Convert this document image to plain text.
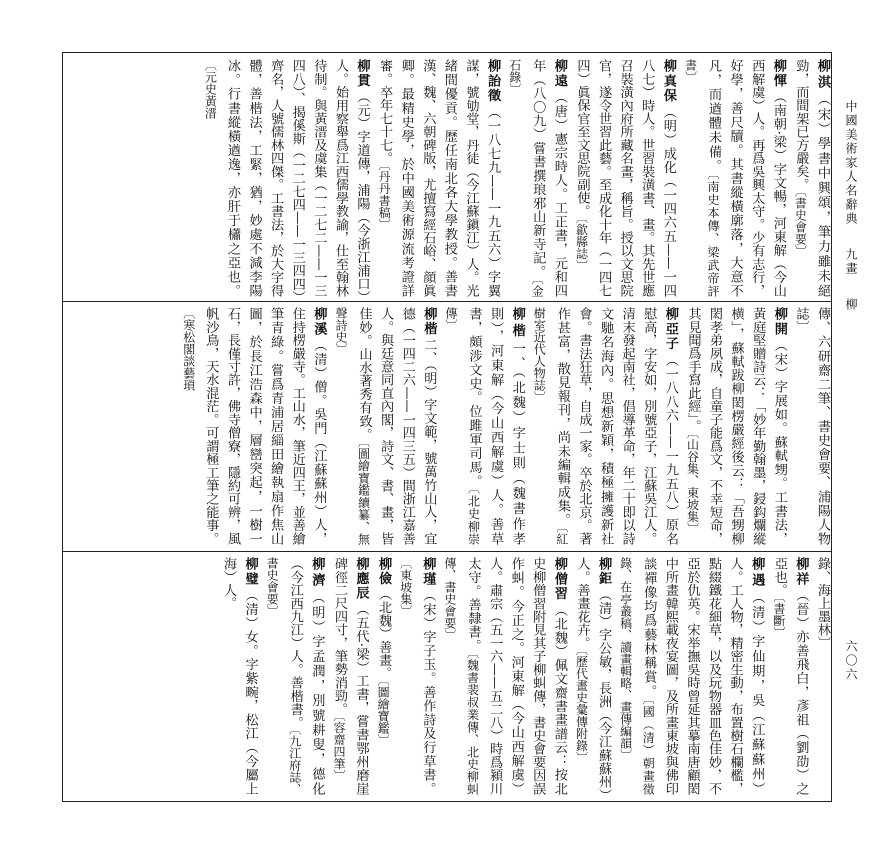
中國美術家人名辭典九畫柳
六〇六
柳淇（宋）學書中興頌，筆力雖未絕勁，而間架已方嚴矣。〔書史會要〕
柳惲（南朝·梁）字文暢，河東解（今山西解虞）人。再爲吳興太守。少有志行，好學，善尺牘。其書縱橫廓落，大意不凡，而遒體未備。〔南史本傳、梁武帝評書〕
柳真保（明）成化（一四六五——一四八七）時人。世習裝潢書、畫。其先世應召裝潢內府所藏名畫，稱旨。授以文思院官，遂令世習此藝。至成化十年（一四七四）眞保官至文思院副使。〔歙縣誌〕
柳遠（唐）憲宗時人。工正書，元和四年（八〇九）嘗書撰琅邪山新寺記。〔金石錄〕
柳詒徵（一八七九——一九五六）字翼謀，號劬堂，丹徒（今江蘇鎭江）人。光緒間優貢。歷任南北各大學教授。善書漢、魏、六朝碑版，尤擅寫經石峪、顔眞卿。最精史學，於中國美術源流考證詳審。卒年七十七。〔丹丹書稿〕
柳貫（元）字道傳，浦陽（今浙江浦口）人。始用察舉爲江西儒學教諭，仕至翰林待制。與黃溍及虞集（一二七二——一三四八）、揭傒斯（一二七四——一三四四）齊名，人號儒林四傑。工書法，於大字得體，善楷法，工緊，猶，妙處不減李陽冰。行書縱橫遒逸，亦肝于櫹之亞也。〔元史黃溍

傳、六研齋二筆、書史會要、浦陽人物誌〕
柳開（宋）字展如。蘇軾甥。工書法，黃庭堅贈詩云：「妙年勤翰墨，鋟鈎爛縱横」，蘇軾跋柳閎楞嚴經後云：「吾甥柳閎孝弟夙成，自童子能爲文，不幸短命，其見聞爲手寫此經」。〔山谷集、東坡集〕
柳亞子（一八八六——一九五八）原名慰高，字安如，別號亞子，江蘇吳江人。清末發起南社，倡導革命，年二十即以詩文馳名海內。思想新穎，積極擁護新社會。書法狂草，自成一家。卒於北京。著作甚富，散見報刊，尚未編輯成集。〔紅樹室近代人物誌〕
柳楷一、（北魏）字士則（魏書作孝則），河東解（今山西解虞）人。善草書，頗涉文史。位雎軍司馬。〔北史柳崇傳〕
柳楷二、（明）字文範，號萬竹山人，宜德（一四二六——一四三五）間浙江嘉善人。與廷意同直內閣，詩文、書、畫，皆佳妙。山水著秀有致。〔圖繪寶鑑續纂、無聲詩史〕
柳溪（清）僧。吳門（江蘇蘇州）人，住持楞嚴寺。工山水，筆近四王，並善繪筆青綠。嘗爲青浦居緇田繪執扇作焦山圖，於長江浩森中，層巒突起，一樹一石，長僅寸許，佛寺僧寮，隱約可辨，風帆沙鳥，天水混茫。可謂極工筆之能事。〔寒松閣談藝瑣

錄、海上墨林〕
柳祥（晉）亦善飛白，彥祖（劉劭）之亞也。〔書斷〕
柳遇（清）字仙期，吳（江蘇蘇州）人。工人物，精密生動，布置樹石欄檻，點綴鐵花細草，以及玩物器皿色佳妙，不亞於仇英。宋举撫吳時曾延其摹南唐顧閎中所畫韓熙載夜宴圖，及所畫東坡與佛印談禪像均爲藝林稱賞。〔國（清）朝畫徵錄、在亭叢稿、讀畫輯略、畫傳編韻〕
柳鉅（清）字公敏，長洲（今江蘇蘇州）人。善畫花卉。〔歷代畫史彙傳附錄〕
柳僧習（北魏）佩文齋書畫譜云：按北史柳僧習附見其子柳虯傳，書史會要因誤作虯。今正之。河東解（今山西解虞）人。肅宗（五一六——五二八）時爲潁川太守。善隸書。〔魏書裴叔業傳、北史柳虯傳、書史會要〕
柳瑾（宋）字子玉。善作詩及行草書。〔東坡集〕
柳儉（北魏）善畫。〔圖繪寶鑑〕
柳應辰（五代·梁）工書，嘗書鄂州磨崖碑徑二尺四寸，筆勢消勁。〔容齋四筆〕
柳濟（明）字孟潤，別號耕叟，德化（今江西九江）人。善楷書。〔九江府誌、書史會要〕
柳璧（清）女。字紫畹，松江（今屬上海）人。
